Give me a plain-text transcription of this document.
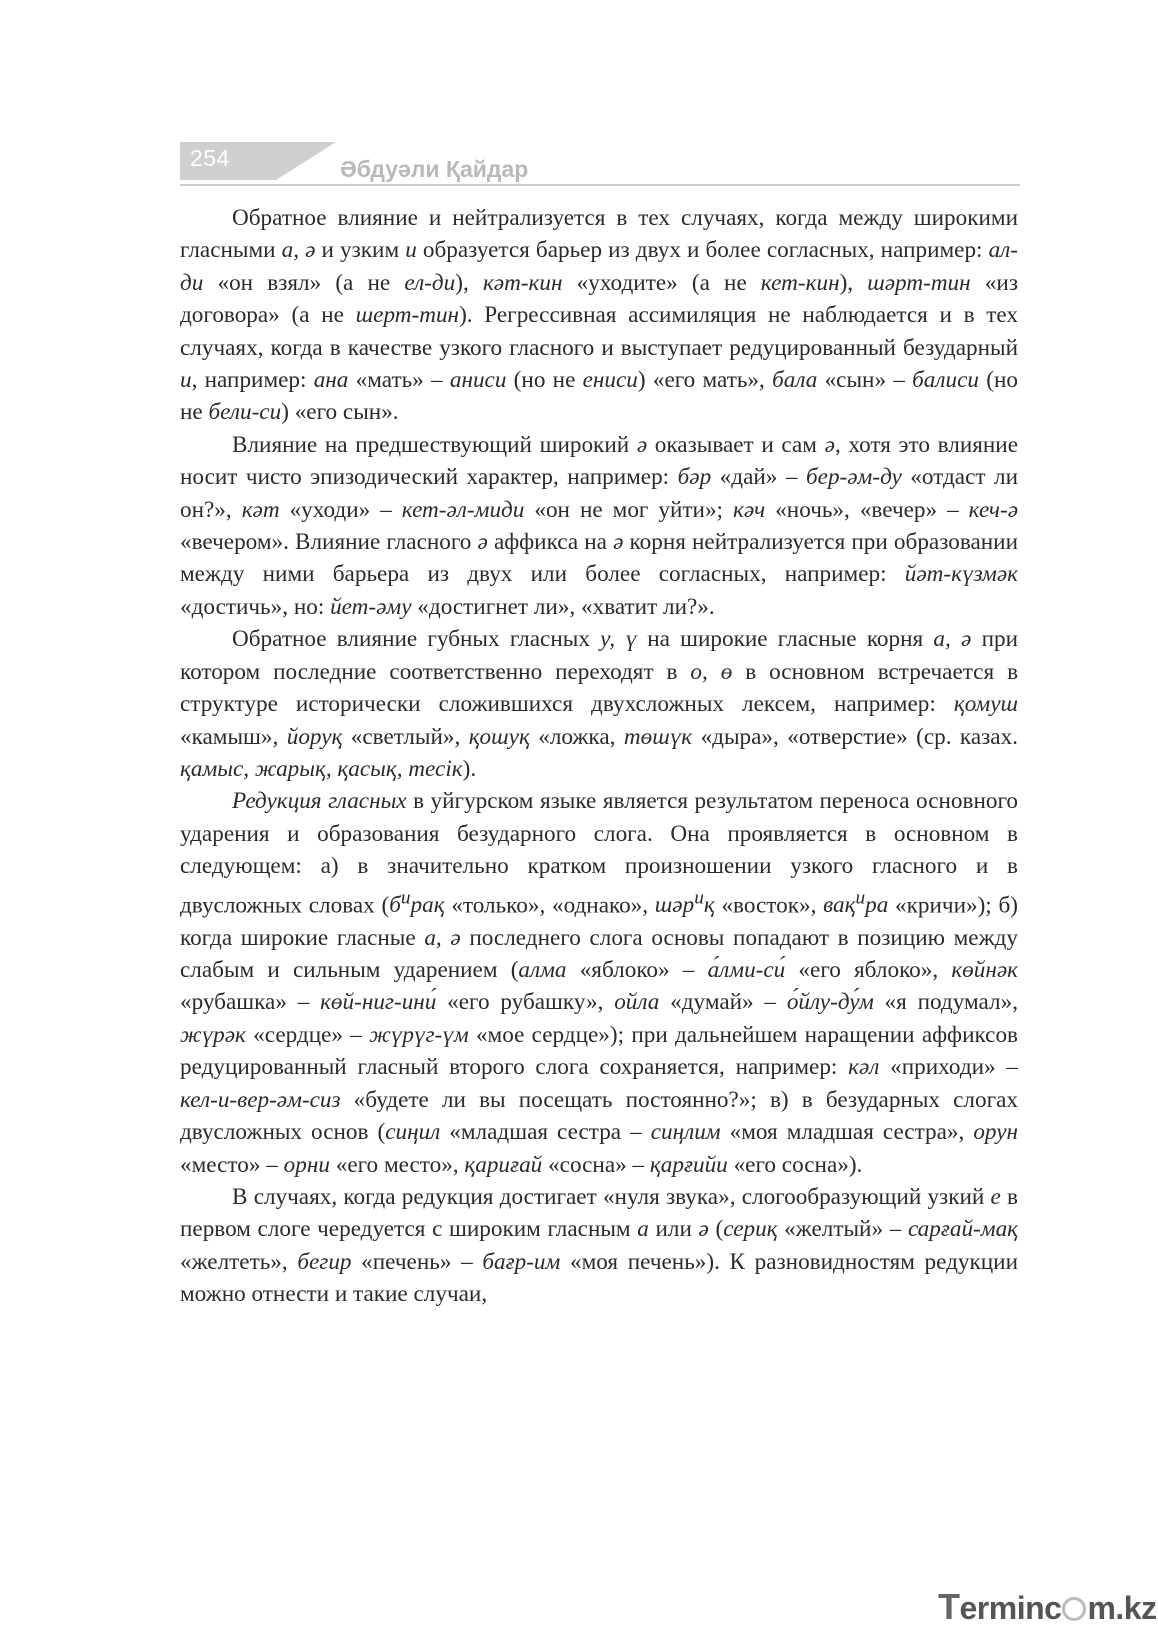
254	Әбдуәли Қайдар

Обратное влияние и нейтрализуется в тех случаях, когда между широкими гласными а, ә и узким и образуется барьер из двух и более согласных, например: ал-ди «он взял» (а не ел-ди), кәт-кин «уходите» (а не кет-кин), шәрт-тин «из договора» (а не шерт-тин). Регрессивная ассимиляция не наблюдается и в тех случаях, когда в качестве узкого гласного и выступает редуцированный безударный и, например: ана «мать» – аниси (но не ениси) «его мать», бала «сын» – балиси (но не бели-си) «его сын».

Влияние на предшествующий широкий ә оказывает и сам ә, хотя это влияние носит чисто эпизодический характер, например: бәр «дай» – бер-әм-ду «отдаст ли он?», кәт «уходи» – кет-әл-миди «он не мог уйти»; кәч «ночь», «вечер» – кеч-ә «вечером». Влияние гласного ә аффикса на ә корня нейтрализуется при образовании между ними барьера из двух или более согласных, например: йәт-күзмәк «достичь», но: йет-әму «достигнет ли», «хватит ли?».

Обратное влияние губных гласных у, ү на широкие гласные корня а, ә при котором последние соответственно переходят в о, ө в основном встречается в структуре исторически сложившихся двухсложных лексем, например: қомуш «камыш», йоруқ «светлый», қошуқ «ложка, төшүк «дыра», «отверстие» (ср. казах. қамыс, жарық, қасық, тесік).

Редукция гласных в уйгурском языке является результатом переноса основного ударения и образования безударного слога. Она проявляется в основном в следующем: а) в значительно кратком произношении узкого гласного и в двусложных словах ($б^ирақ$ «только», «однако», шәр$^и$қ «восток», вақ$^и$ра «кричи»); б) когда широкие гласные а, ә последнего слога основы попадают в позицию между слабым и сильным ударением (алма «яблоко» – а́лми-си́ «его яблоко», көйнәк «рубашка» – көй-ниг-ини́ «его рубашку», ойла «думай» – о́йлу-ду́м «я подумал», жүрәк «сердце» – жүрүг-үм «мое сердце»); при дальнейшем наращении аффиксов редуцированный гласный второго слога сохраняется, например: кәл «приходи» – кел-и-вер-әм-сиз «будете ли вы посещать постоянно?»; в) в безударных слогах двусложных основ (сиңил «младшая сестра – сиңлим «моя младшая сестра», орун «место» – орни «его место», қариғай «сосна» – қарғийи «его сосна»).

В случаях, когда редукция достигает «нуля звука», слогообразующий узкий е в первом слоге чередуется с широким гласным а или ә (сериқ «желтый» – сарғай-мақ «желтеть», бегир «печень» – бағр-им «моя печень»). К разновидностям редукции можно отнести и такие случаи,

Terminc m.kz
